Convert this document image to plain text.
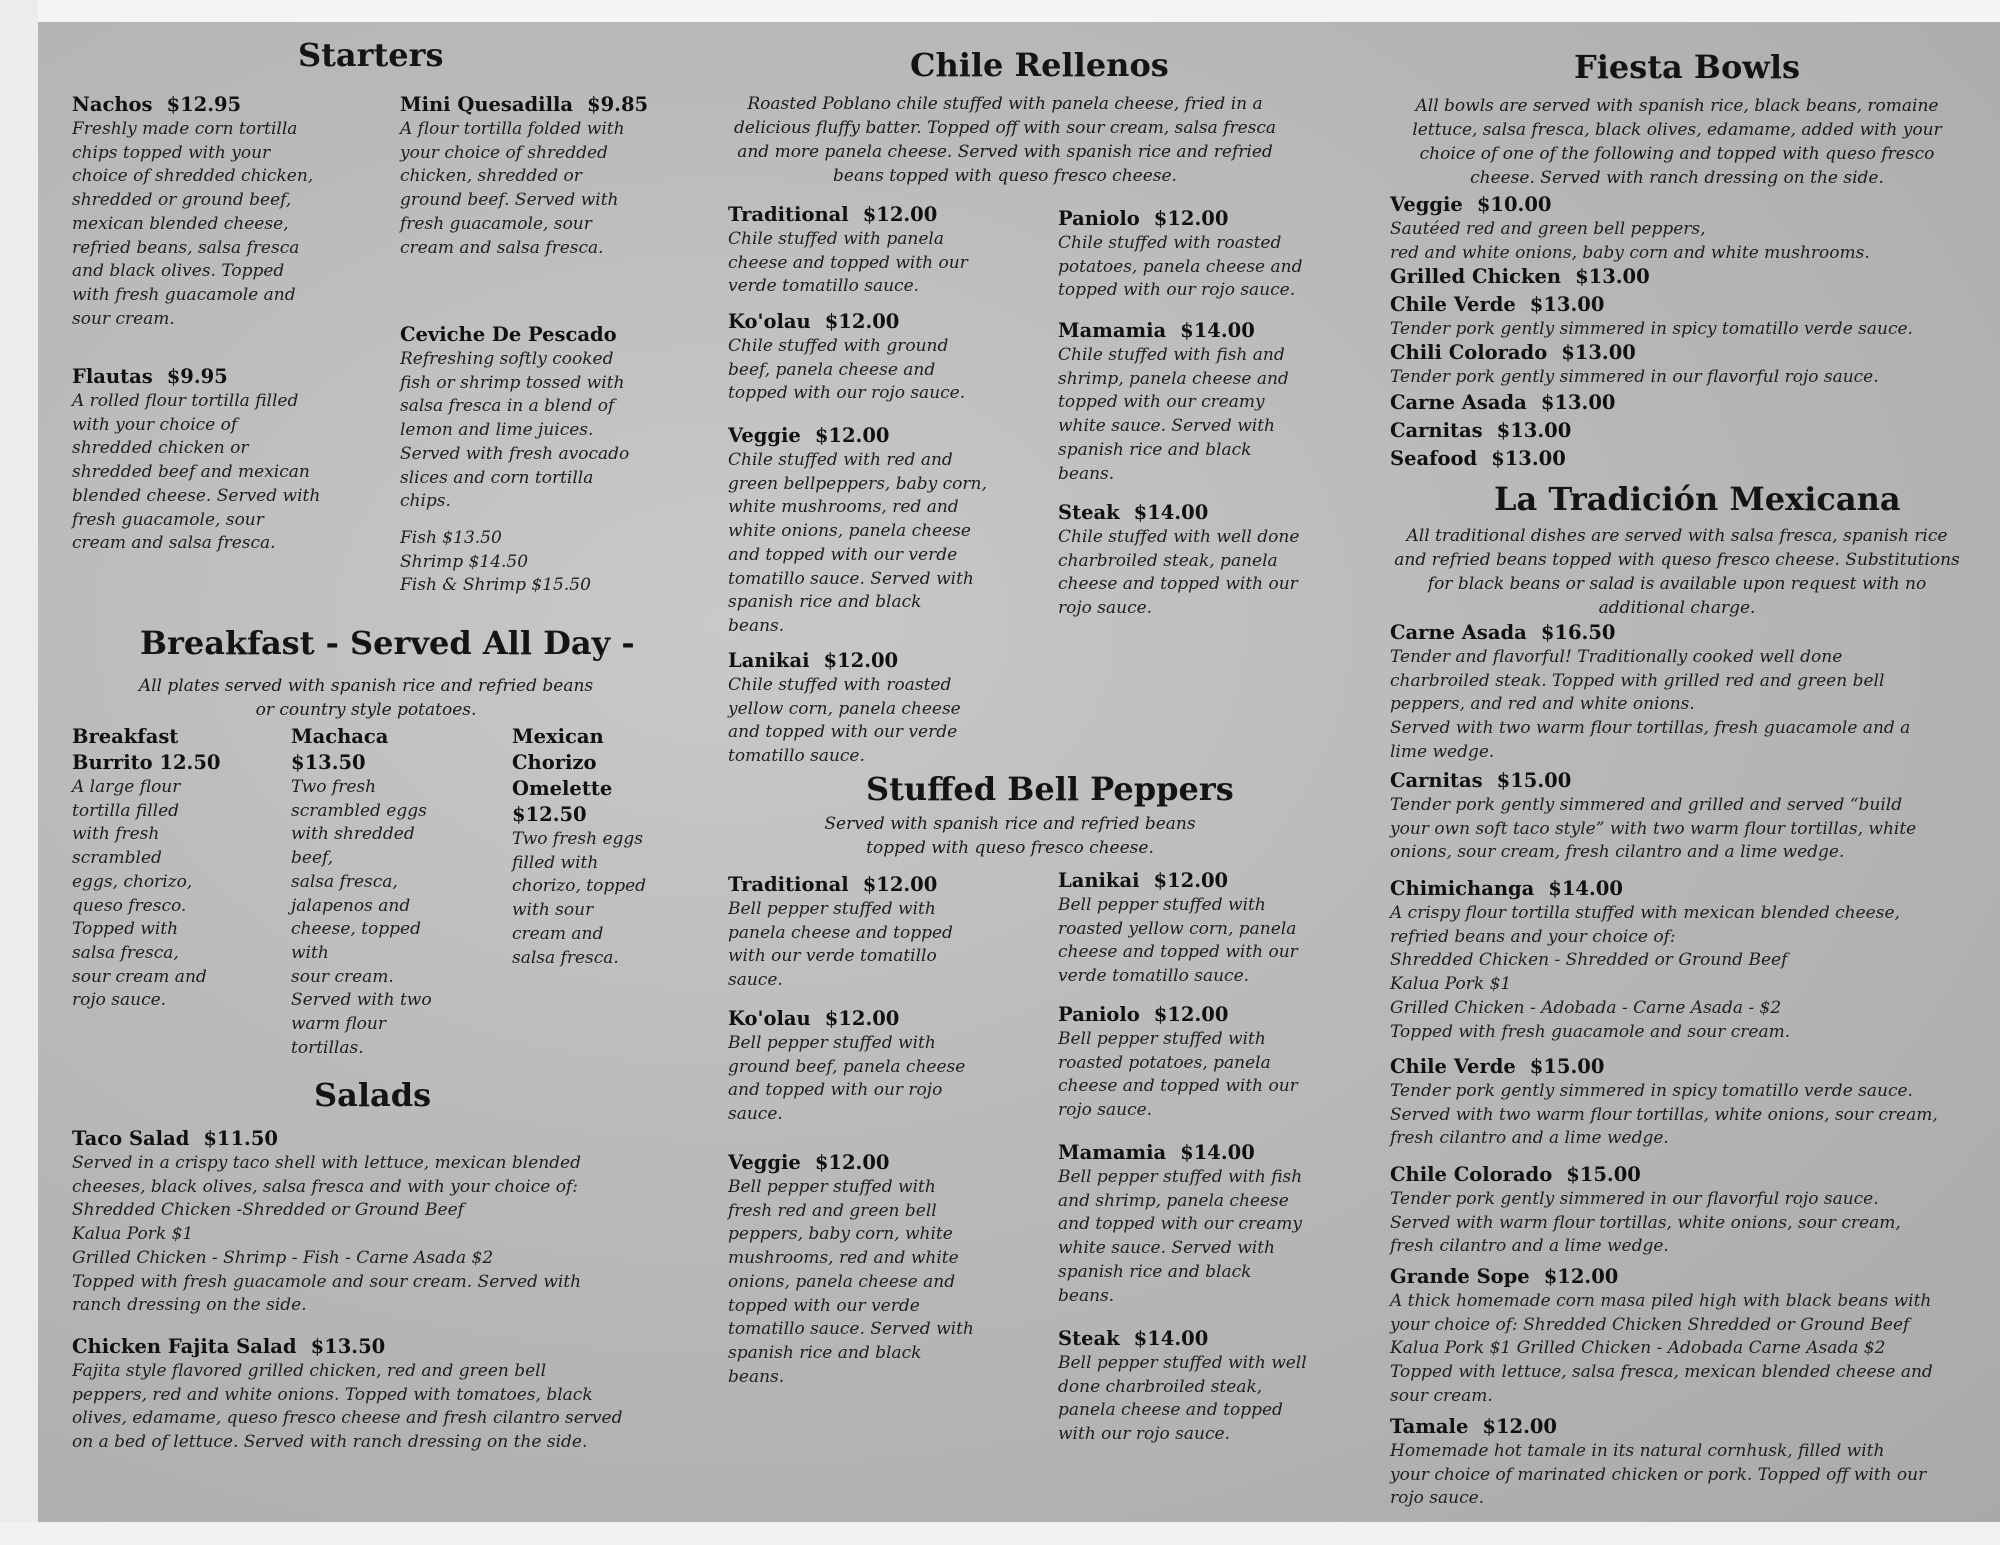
Starters
Nachos $12.95
Freshly made corn tortilla
chips topped with your
choice of shredded chicken,
shredded or ground beef,
mexican blended cheese,
refried beans, salsa fresca
and black olives. Topped
with fresh guacamole and
sour cream.
Flautas $9.95
A rolled flour tortilla filled
with your choice of
shredded chicken or
shredded beef and mexican
blended cheese. Served with
fresh guacamole, sour
cream and salsa fresca.
Mini Quesadilla $9.85
A flour tortilla folded with
your choice of shredded
chicken, shredded or
ground beef. Served with
fresh guacamole, sour
cream and salsa fresca.
Ceviche De Pescado
Refreshing softly cooked
fish or shrimp tossed with
salsa fresca in a blend of
lemon and lime juices.
Served with fresh avocado
slices and corn tortilla
chips.
Fish $13.50
Shrimp $14.50
Fish & Shrimp $15.50
Breakfast - Served All Day -
All plates served with spanish rice and refried beans
or country style potatoes.
Breakfast
Burrito 12.50
A large flour
tortilla filled
with fresh
scrambled
eggs, chorizo,
queso fresco.
Topped with
salsa fresca,
sour cream and
rojo sauce.
Machaca
$13.50
Two fresh
scrambled eggs
with shredded
beef,
salsa fresca,
jalapenos and
cheese, topped
with
sour cream.
Served with two
warm flour
tortillas.
Mexican
Chorizo
Omelette
$12.50
Two fresh eggs
filled with
chorizo, topped
with sour
cream and
salsa fresca.
Salads
Taco Salad $11.50
Served in a crispy taco shell with lettuce, mexican blended
cheeses, black olives, salsa fresca and with your choice of:
Shredded Chicken -Shredded or Ground Beef
Kalua Pork $1
Grilled Chicken - Shrimp - Fish - Carne Asada $2
Topped with fresh guacamole and sour cream. Served with
ranch dressing on the side.
Chicken Fajita Salad $13.50
Fajita style flavored grilled chicken, red and green bell
peppers, red and white onions. Topped with tomatoes, black
olives, edamame, queso fresco cheese and fresh cilantro served
on a bed of lettuce. Served with ranch dressing on the side.
Chile Rellenos
Roasted Poblano chile stuffed with panela cheese, fried in a
delicious fluffy batter. Topped off with sour cream, salsa fresca
and more panela cheese. Served with spanish rice and refried
beans topped with queso fresco cheese.
Traditional $12.00
Chile stuffed with panela
cheese and topped with our
verde tomatillo sauce.
Ko'olau $12.00
Chile stuffed with ground
beef, panela cheese and
topped with our rojo sauce.
Veggie $12.00
Chile stuffed with red and
green bellpeppers, baby corn,
white mushrooms, red and
white onions, panela cheese
and topped with our verde
tomatillo sauce. Served with
spanish rice and black
beans.
Lanikai $12.00
Chile stuffed with roasted
yellow corn, panela cheese
and topped with our verde
tomatillo sauce.
Paniolo $12.00
Chile stuffed with roasted
potatoes, panela cheese and
topped with our rojo sauce.
Mamamia $14.00
Chile stuffed with fish and
shrimp, panela cheese and
topped with our creamy
white sauce. Served with
spanish rice and black
beans.
Steak $14.00
Chile stuffed with well done
charbroiled steak, panela
cheese and topped with our
rojo sauce.
Stuffed Bell Peppers
Served with spanish rice and refried beans
topped with queso fresco cheese.
Traditional $12.00
Bell pepper stuffed with
panela cheese and topped
with our verde tomatillo
sauce.
Ko'olau $12.00
Bell pepper stuffed with
ground beef, panela cheese
and topped with our rojo
sauce.
Veggie $12.00
Bell pepper stuffed with
fresh red and green bell
peppers, baby corn, white
mushrooms, red and white
onions, panela cheese and
topped with our verde
tomatillo sauce. Served with
spanish rice and black
beans.
Lanikai $12.00
Bell pepper stuffed with
roasted yellow corn, panela
cheese and topped with our
verde tomatillo sauce.
Paniolo $12.00
Bell pepper stuffed with
roasted potatoes, panela
cheese and topped with our
rojo sauce.
Mamamia $14.00
Bell pepper stuffed with fish
and shrimp, panela cheese
and topped with our creamy
white sauce. Served with
spanish rice and black
beans.
Steak $14.00
Bell pepper stuffed with well
done charbroiled steak,
panela cheese and topped
with our rojo sauce.
Fiesta Bowls
All bowls are served with spanish rice, black beans, romaine
lettuce, salsa fresca, black olives, edamame, added with your
choice of one of the following and topped with queso fresco
cheese. Served with ranch dressing on the side.
Veggie $10.00
Sautéed red and green bell peppers,
red and white onions, baby corn and white mushrooms.
Grilled Chicken $13.00
Chile Verde $13.00
Tender pork gently simmered in spicy tomatillo verde sauce.
Chili Colorado $13.00
Tender pork gently simmered in our flavorful rojo sauce.
Carne Asada $13.00
Carnitas $13.00
Seafood $13.00
La Tradición Mexicana
All traditional dishes are served with salsa fresca, spanish rice
and refried beans topped with queso fresco cheese. Substitutions
for black beans or salad is available upon request with no
additional charge.
Carne Asada $16.50
Tender and flavorful! Traditionally cooked well done
charbroiled steak. Topped with grilled red and green bell
peppers, and red and white onions.
Served with two warm flour tortillas, fresh guacamole and a
lime wedge.
Carnitas $15.00
Tender pork gently simmered and grilled and served “build
your own soft taco style” with two warm flour tortillas, white
onions, sour cream, fresh cilantro and a lime wedge.
Chimichanga $14.00
A crispy flour tortilla stuffed with mexican blended cheese,
refried beans and your choice of:
Shredded Chicken - Shredded or Ground Beef
Kalua Pork $1
Grilled Chicken - Adobada - Carne Asada - $2
Topped with fresh guacamole and sour cream.
Chile Verde $15.00
Tender pork gently simmered in spicy tomatillo verde sauce.
Served with two warm flour tortillas, white onions, sour cream,
fresh cilantro and a lime wedge.
Chile Colorado $15.00
Tender pork gently simmered in our flavorful rojo sauce.
Served with warm flour tortillas, white onions, sour cream,
fresh cilantro and a lime wedge.
Grande Sope $12.00
A thick homemade corn masa piled high with black beans with
your choice of: Shredded Chicken Shredded or Ground Beef
Kalua Pork $1 Grilled Chicken - Adobada Carne Asada $2
Topped with lettuce, salsa fresca, mexican blended cheese and
sour cream.
Tamale $12.00
Homemade hot tamale in its natural cornhusk, filled with
your choice of marinated chicken or pork. Topped off with our
rojo sauce.
